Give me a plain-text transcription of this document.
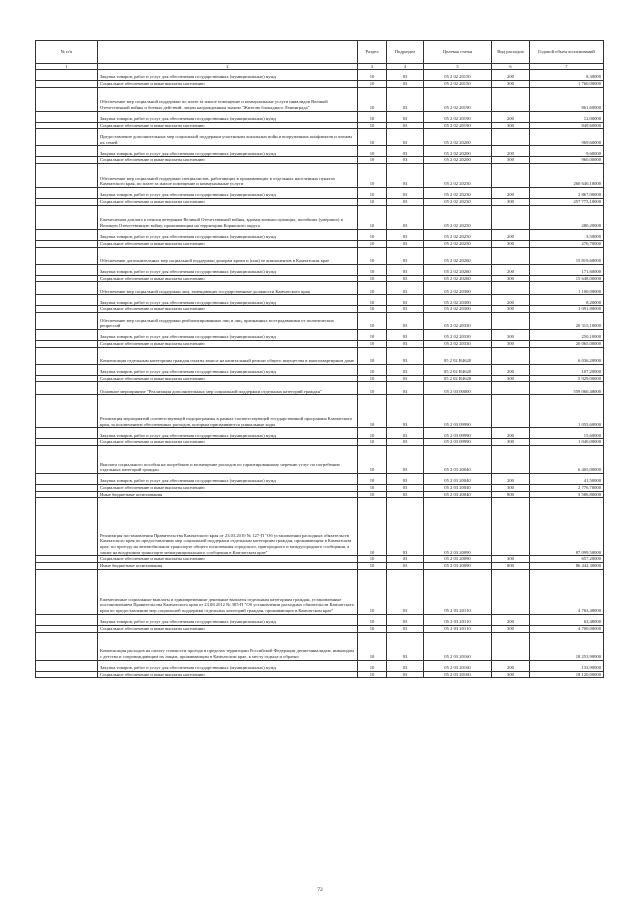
№ п/п		Раздел	Подраздел	Целевая статья	Вид расходов	Годовой объем ассигнований
1	2	3	4	5	6	7
	Закупка товаров, работ и услуг для обеспечения государственных (муниципальных) нужд	10	03	05 2 02 20150	200	8,30000
	Социальное обеспечение и иные выплаты населению	10	03	05 2 02 20150	300	1 760,00000
	Обеспечение мер социальной поддержки по плате за жилое помещение и коммунальные услуги инвалидов Великой Отечественной войны и боевых действий, лицам награжденным знаком "Жителю блокадного Ленинграда"	10	03	05 2 02 20190		861,60000
	Закупка товаров, работ и услуг для обеспечения государственных (муниципальных) нужд	10	03	05 2 02 20190	200	12,00000
	Социальное обеспечение и иные выплаты населению	10	03	05 2 02 20190	300	849,60000
	Предоставление дополнительных мер социальной поддержки участникам локальных войн и вооруженных конфликтов и членам их семей	10	03	05 2 02 20200		969,60000
	Закупка товаров, работ и услуг для обеспечения государственных (муниципальных) нужд	10	03	05 2 02 20200	200	9,60000
	Социальное обеспечение и иные выплаты населению	10	03	05 2 02 20200	300	960,00000
	Обеспечение мер социальной поддержки специалистов, работающих в проживающих в отдельных населенных пунктах Камчатского края, по плате за жилое помещение и коммунальные услуги	10	03	05 2 02 20230		260 640,10000
	Закупка товаров, работ и услуг для обеспечения государственных (муниципальных) нужд	10	03	05 2 02 20230	200	2 867,00000
	Социальное обеспечение и иные выплаты населению	10	03	05 2 02 20230	300	257 773,10000
	Ежемесячная доплата к пенсии ветеранам Великой Отечественной войны, вдовам военнослужащих, погибших (умерших) в Великую Отечественную войну, проживающим на территории Корякского округа	10	03	05 2 02 20250		280,20000
	Закупка товаров, работ и услуг для обеспечения государственных (муниципальных) нужд	10	03	05 2 02 20250	200	3,50000
	Социальное обеспечение и иные выплаты населению	10	03	05 2 02 20250	300	276,70000
	Обеспечение дополнительных мер социальной поддержки донорам крови и (или) ее компонентов в Камчатском крае	10	03	05 2 02 20260		15 819,60000
	Закупка товаров, работ и услуг для обеспечения государственных (муниципальных) нужд	10	03	05 2 02 20260	200	171,60000
	Социальное обеспечение и иные выплаты населению	10	03	05 2 02 20260	300	15 648,00000
	Обеспечение мер социальной поддержки лиц, замещающих государственные должности Камчатского края	10	03	05 2 02 20300		1 100,00000
	Закупка товаров, работ и услуг для обеспечения государственных (муниципальных) нужд	10	03	05 2 02 20300	200	8,20000
	Социальное обеспечение и иные выплаты населению	10	03	05 2 02 20300	300	1 091,80000
	Обеспечение мер социальной поддержки реабилитированных лиц и лиц, признанных пострадавшими от политических репрессий	10	03	05 2 02 20330		20 315,10000
	Закупка товаров, работ и услуг для обеспечения государственных (муниципальных) нужд	10	03	05 2 02 20330	300	250,10000
	Социальное обеспечение и иные выплаты населению	10	03	05 2 02 20330	300	20 065,00000
	Компенсация отдельным категориям граждан оплаты взноса на капитальный ремонт общего имущества в многоквартирном доме	10	03	05 2 02 R4620		6 036,20000
	Закупка товаров, работ и услуг для обеспечения государственных (муниципальных) нужд	10	03	05 2 02 R4620	200	107,20000
	Социальное обеспечение и иные выплаты населению	10	03	05 2 02 R4620	300	5 929,00000
	Основное мероприятие "Реализация дополнительных мер социальной поддержки отдельных категорий граждан"	10	03	05 2 03 00000		559 060,48000
	Реализация мероприятий соответствующей подпрограммы в рамках соответствующей государственной программы Камчатского края, за исключением обеспеченных расходов, которым присваиваются уникальные коды	10	03	05 2 03 09990		1 055,60000
	Закупка товаров, работ и услуг для обеспечения государственных (муниципальных) нужд	10	03	05 2 03 09990	200	15,60000
	Социальное обеспечение и иные выплаты населению	10	03	05 2 03 09990	300	1 040,00000
	Выплата социального пособия на погребение и возмещение расходов по гарантированному перечню услуг по погребению отдельных категорий граждан	10	03	05 2 03 20040		6 405,00000
	Закупка товаров, работ и услуг для обеспечения государственных (муниципальных) нужд	10	03	05 2 03 20040	200	41,50000
	Социальное обеспечение и иные выплаты населению	10	03	05 2 03 20040	300	2 776,70000
	Иные бюджетные ассигнования	10	03	05 2 03 20040	800	3 586,80000
	Реализация постановления Правительства Камчатского края от 23.03.2010 № 127-П "Об установлении расходных обязательств Камчатского края по предоставлению мер социальной поддержки отдельным категориям граждан, проживающим в Камчатском крае, по проезду на автомобильном транспорте общего пользования городского, пригородного и междугородного сообщения, а также на воздушном транспорте межмуниципального сообщения в Камчатском крае"	10	03	05 2 03 20090		87 099,50000
	Социальное обеспечение и иные выплаты населению	10	03	05 2 03 20090	300	657,20000
	Иные бюджетные ассигнования	10	03	05 2 03 20090	800	86 442,30000
	Ежемесячные социальные выплаты и единовременные денежные выплаты отдельным категориям граждан, установленные постановлением Правительства Камчатского края от 23.08.2012 № 385-П "Об установлении расходных обязательств Камчатского края по предоставлению мер социальной поддержки отдельных категорий граждан, проживающих в Камчатском крае"	10	03	05 2 03 20110		4 763,48000
	Закупка товаров, работ и услуг для обеспечения государственных (муниципальных) нужд	10	03	05 2 03 20110	200	63,48000
	Социальное обеспечение и иные выплаты населению	10	03	05 2 03 20110	300	4 700,00000
	Компенсация расходов на оплату стоимости проезда в пределах территории Российской Федерации детям-инвалидам, инвалидам с детства и сопровождающим их лицам, проживающим в Камчатском крае, к месту отдыха и обратно	10	03	05 2 03 20160		18 253,90000
	Закупка товаров, работ и услуг для обеспечения государственных (муниципальных) нужд	10	03	05 2 03 20160	200	133,90000
	Социальное обеспечение и иные выплаты населению	10	03	05 2 03 20160	300	18 120,00000
72
